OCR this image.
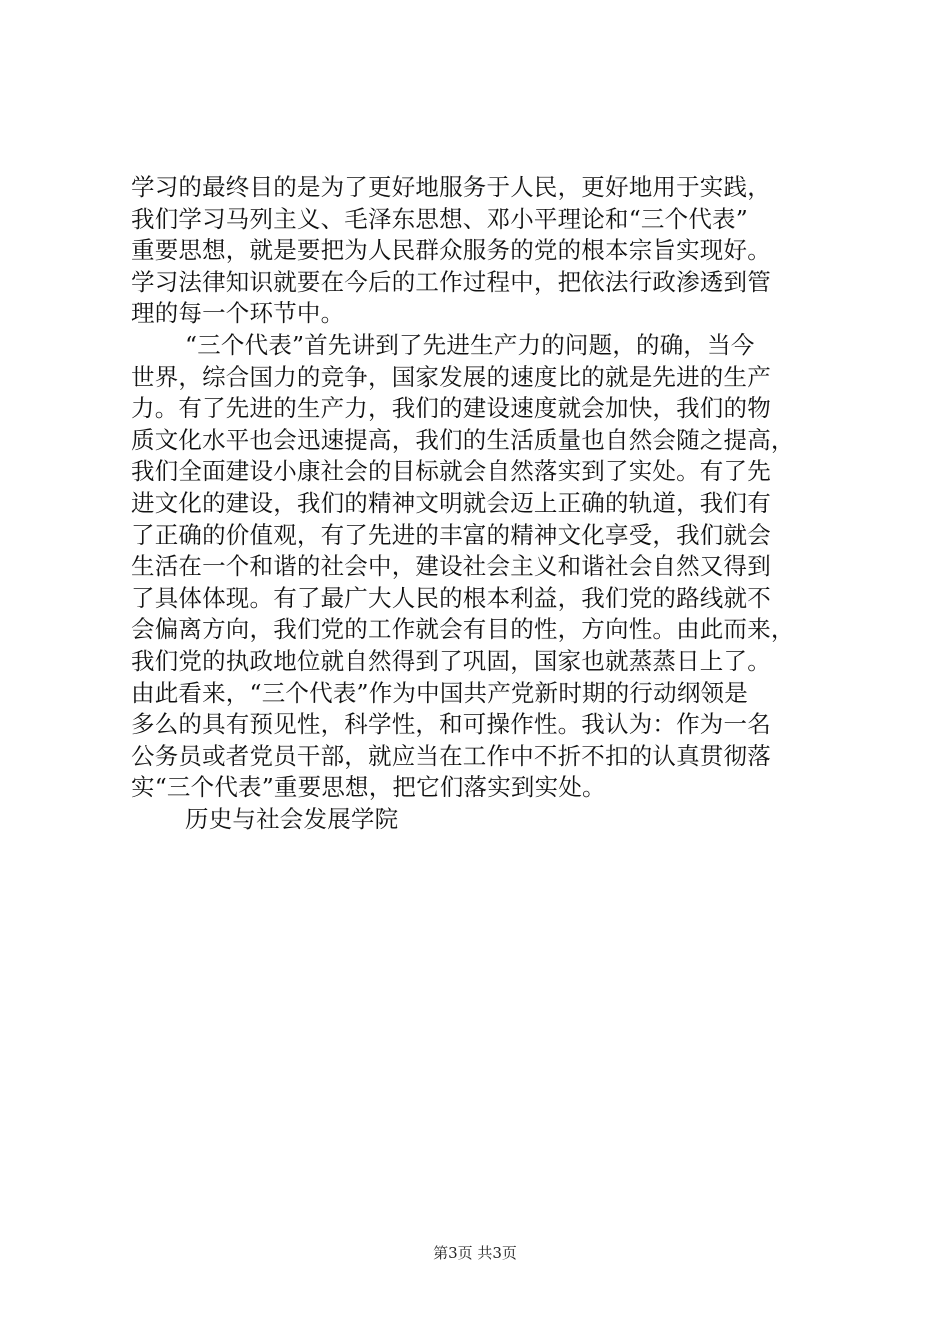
学习的最终目的是为了更好地服务于人民，更好地用于实践，
我们学习马列主义、毛泽东思想、邓小平理论和“三个代表”
重要思想，就是要把为人民群众服务的党的根本宗旨实现好。
学习法律知识就要在今后的工作过程中，把依法行政渗透到管
理的每一个环节中。
“三个代表”首先讲到了先进生产力的问题，的确，当今
世界，综合国力的竞争，国家发展的速度比的就是先进的生产
力。有了先进的生产力，我们的建设速度就会加快，我们的物
质文化水平也会迅速提高，我们的生活质量也自然会随之提高，
我们全面建设小康社会的目标就会自然落实到了实处。有了先
进文化的建设，我们的精神文明就会迈上正确的轨道，我们有
了正确的价值观，有了先进的丰富的精神文化享受，我们就会
生活在一个和谐的社会中，建设社会主义和谐社会自然又得到
了具体体现。有了最广大人民的根本利益，我们党的路线就不
会偏离方向，我们党的工作就会有目的性，方向性。由此而来，
我们党的执政地位就自然得到了巩固，国家也就蒸蒸日上了。
由此看来，“三个代表”作为中国共产党新时期的行动纲领是
多么的具有预见性，科学性，和可操作性。我认为：作为一名
公务员或者党员干部，就应当在工作中不折不扣的认真贯彻落
实“三个代表”重要思想，把它们落实到实处。
历史与社会发展学院
第3页 共3页
